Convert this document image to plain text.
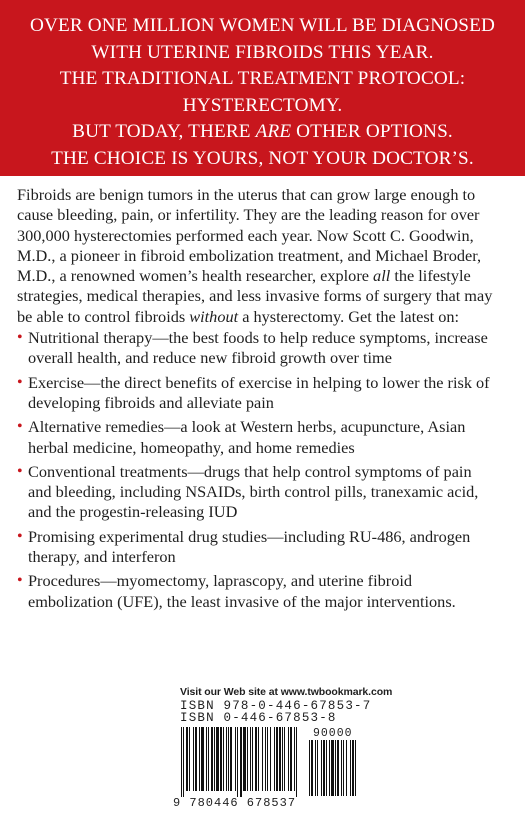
OVER ONE MILLION WOMEN WILL BE DIAGNOSED
WITH UTERINE FIBROIDS THIS YEAR.
THE TRADITIONAL TREATMENT PROTOCOL:
HYSTERECTOMY.
BUT TODAY, THERE ARE OTHER OPTIONS.
THE CHOICE IS YOURS, NOT YOUR DOCTOR’S.

Fibroids are benign tumors in the uterus that can grow large enough to
cause bleeding, pain, or infertility. They are the leading reason for over
300,000 hysterectomies performed each year. Now Scott C. Goodwin,
M.D., a pioneer in fibroid embolization treatment, and Michael Broder,
M.D., a renowned women’s health researcher, explore all the lifestyle
strategies, medical therapies, and less invasive forms of surgery that may
be able to control fibroids without a hysterectomy. Get the latest on:

• Nutritional therapy—the best foods to help reduce symptoms, increase
overall health, and reduce new fibroid growth over time
• Exercise—the direct benefits of exercise in helping to lower the risk of
developing fibroids and alleviate pain
• Alternative remedies—a look at Western herbs, acupuncture, Asian
herbal medicine, homeopathy, and home remedies
• Conventional treatments—drugs that help control symptoms of pain
and bleeding, including NSAIDs, birth control pills, tranexamic acid,
and the progestin-releasing IUD
• Promising experimental drug studies—including RU-486, androgen
therapy, and interferon
• Procedures—myomectomy, laprascopy, and uterine fibroid
embolization (UFE), the least invasive of the major interventions.
Visit our Web site at www.twbookmark.com
ISBN 978-0-446-67853-7
ISBN 0-446-67853-8
90000
9 780446 678537
